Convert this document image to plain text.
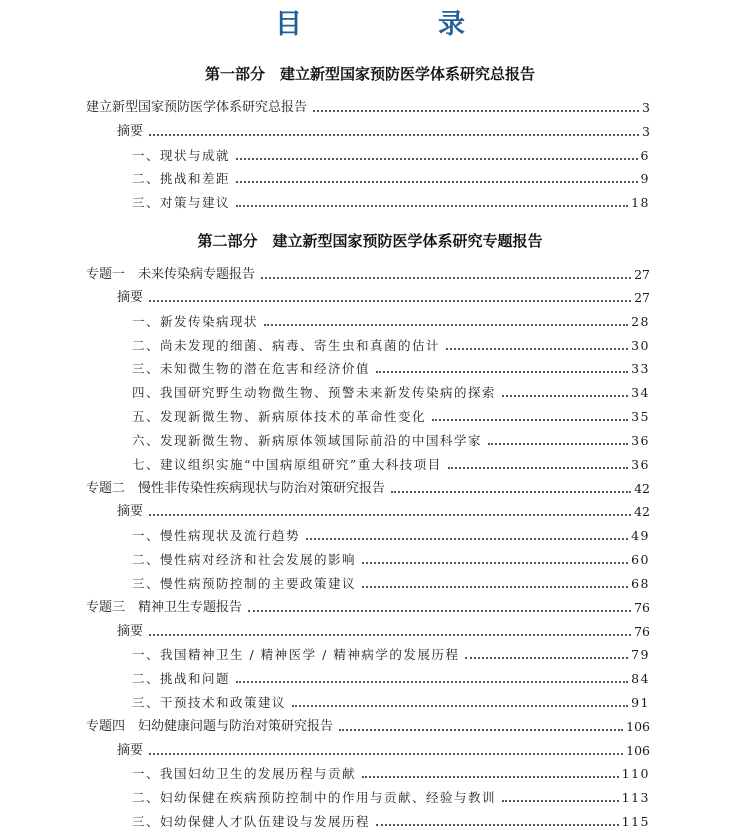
目	录
第一部分　建立新型国家预防医学体系研究总报告
建立新型国家预防医学体系研究总报告	3
摘要	3
一、现状与成就	6
二、挑战和差距	9
三、对策与建议	18
第二部分　建立新型国家预防医学体系研究专题报告
专题一　未来传染病专题报告	27
摘要	27
一、新发传染病现状	28
二、尚未发现的细菌、病毒、寄生虫和真菌的估计	30
三、未知微生物的潜在危害和经济价值	33
四、我国研究野生动物微生物、预警未来新发传染病的探索	34
五、发现新微生物、新病原体技术的革命性变化	35
六、发现新微生物、新病原体领域国际前沿的中国科学家	36
七、建议组织实施“中国病原组研究”重大科技项目	36
专题二　慢性非传染性疾病现状与防治对策研究报告	42
摘要	42
一、慢性病现状及流行趋势	49
二、慢性病对经济和社会发展的影响	60
三、慢性病预防控制的主要政策建议	68
专题三　精神卫生专题报告	76
摘要	76
一、我国精神卫生 / 精神医学 / 精神病学的发展历程	79
二、挑战和问题	84
三、干预技术和政策建议	91
专题四　妇幼健康问题与防治对策研究报告	106
摘要	106
一、我国妇幼卫生的发展历程与贡献	110
二、妇幼保健在疾病预防控制中的作用与贡献、经验与教训	113
三、妇幼保健人才队伍建设与发展历程	115
